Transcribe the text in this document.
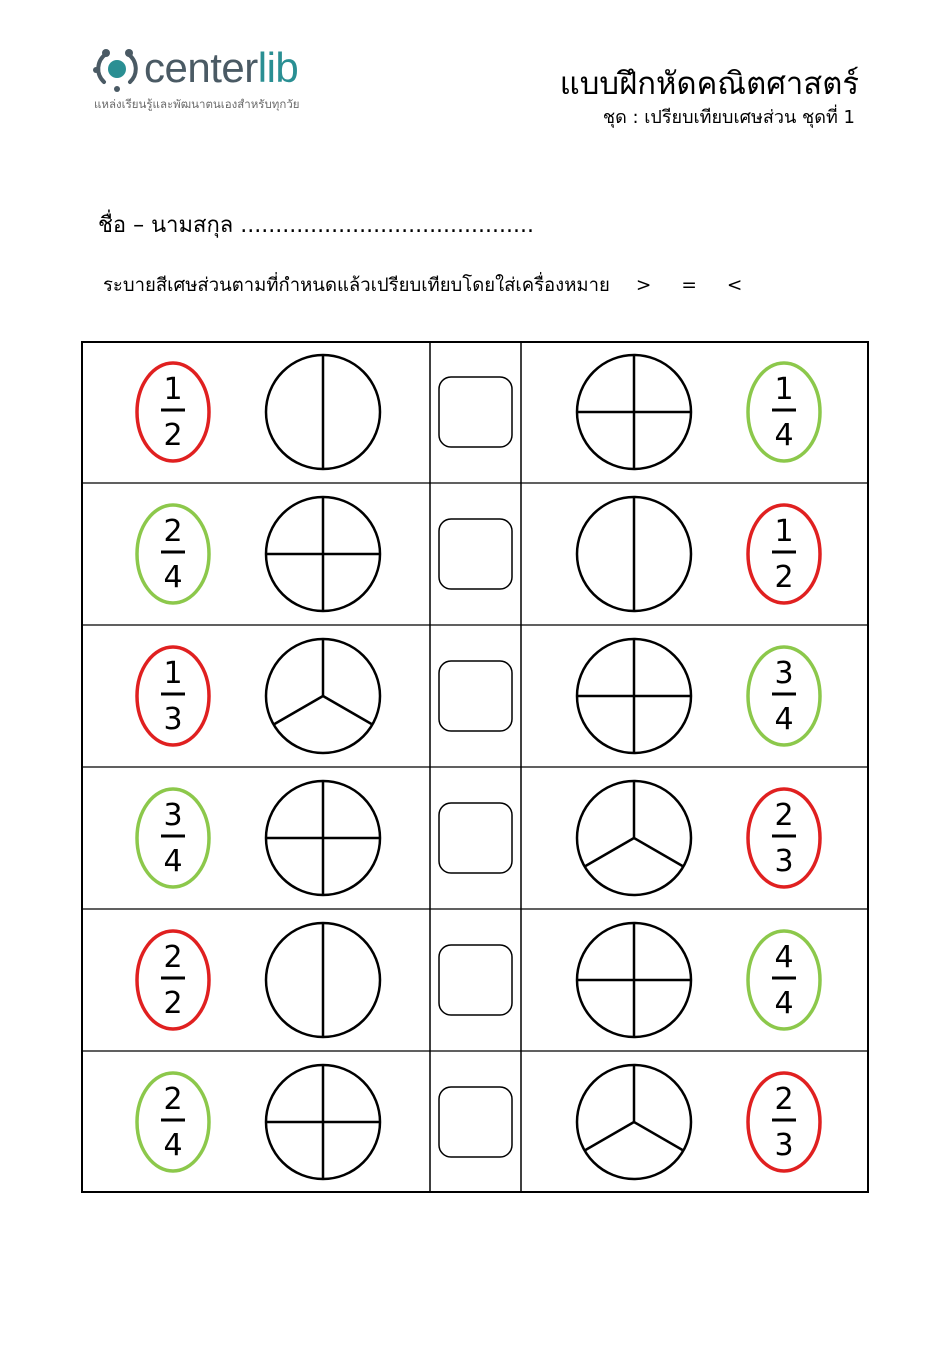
centerlib
แหล่งเรียนรู้และพัฒนาตนเองสำหรับทุกวัย
แบบฝึกหัดคณิตศาสตร์
ชุด : เปรียบเทียบเศษส่วน ชุดที่ 1
ชื่อ – นามสกุล ..........................................
ระบายสีเศษส่วนตามที่กำหนดแล้วเปรียบเทียบโดยใส่เครื่องหมาย > = <
1
2
1
4
2
4
1
2
1
3
3
4
3
4
2
3
2
2
4
4
2
4
2
3
